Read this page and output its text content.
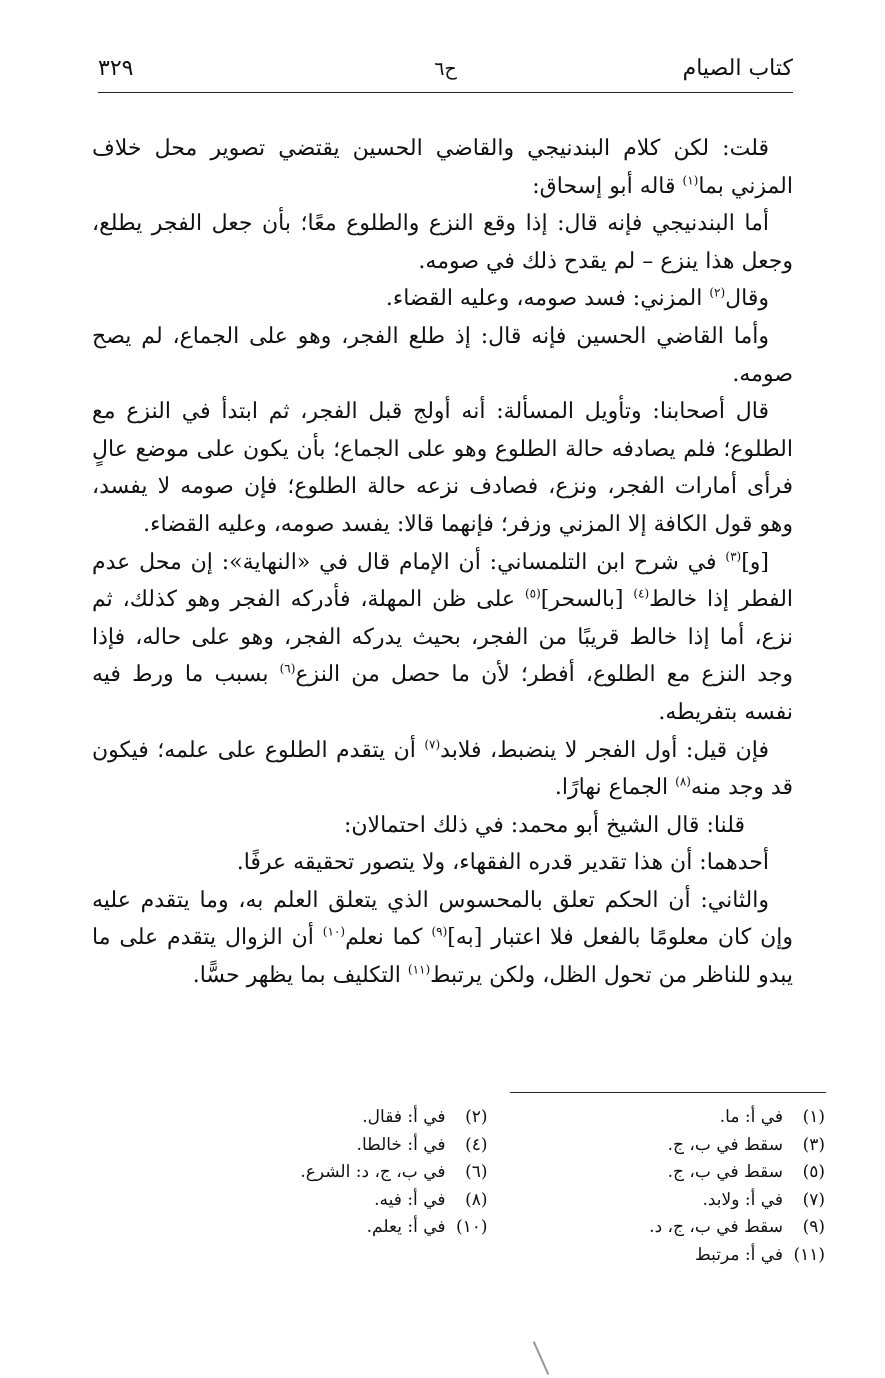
كتاب الصيام
ح٦
٣٢٩

قلت: لكن كلام البندنيجي والقاضي الحسين يقتضي تصوير محل خلاف المزني بما$^{(١)}$ قاله أبو إسحاق:

أما البندنيجي فإنه قال: إذا وقع النزع والطلوع معًا؛ بأن جعل الفجر يطلع، وجعل هذا ينزع – لم يقدح ذلك في صومه.

وقال$^{(٢)}$ المزني: فسد صومه، وعليه القضاء.

وأما القاضي الحسين فإنه قال: إذ طلع الفجر، وهو على الجماع، لم يصح صومه.

قال أصحابنا: وتأويل المسألة: أنه أولج قبل الفجر، ثم ابتدأ في النزع مع الطلوع؛ فلم يصادفه حالة الطلوع وهو على الجماع؛ بأن يكون على موضع عالٍ فرأى أمارات الفجر، ونزع، فصادف نزعه حالة الطلوع؛ فإن صومه لا يفسد، وهو قول الكافة إلا المزني وزفر؛ فإنهما قالا: يفسد صومه، وعليه القضاء.

[و]$^{(٣)}$ في شرح ابن التلمساني: أن الإمام قال في «النهاية»: إن محل عدم الفطر إذا خالط$^{(٤)}$ [بالسحر]$^{(٥)}$ على ظن المهلة، فأدركه الفجر وهو كذلك، ثم نزع، أما إذا خالط قريبًا من الفجر، بحيث يدركه الفجر، وهو على حاله، فإذا وجد النزع مع الطلوع، أفطر؛ لأن ما حصل من النزع$^{(٦)}$ بسبب ما ورط فيه نفسه بتفريطه.

فإن قيل: أول الفجر لا ينضبط، فلابد$^{(٧)}$ أن يتقدم الطلوع على علمه؛ فيكون قد وجد منه$^{(٨)}$ الجماع نهارًا.

قلنا: قال الشيخ أبو محمد: في ذلك احتمالان:

أحدهما: أن هذا تقدير قدره الفقهاء، ولا يتصور تحقيقه عرفًا.

والثاني: أن الحكم تعلق بالمحسوس الذي يتعلق العلم به، وما يتقدم عليه وإن كان معلومًا بالفعل فلا اعتبار [به]$^{(٩)}$ كما نعلم$^{(١٠)}$ أن الزوال يتقدم على ما يبدو للناظر من تحول الظل، ولكن يرتبط$^{(١١)}$ التكليف بما يظهر حسًّا.

(١)في أ: ما.
(٣)سقط في ب، ج.
(٥)سقط في ب، ج.
(٧)في أ: ولابد.
(٩)سقط في ب، ج، د.
(١١)في أ: مرتبط
(٢)في أ: فقال.
(٤)في أ: خالطا.
(٦)في ب، ج، د: الشرع.
(٨)في أ: فيه.
(١٠)في أ: يعلم.
